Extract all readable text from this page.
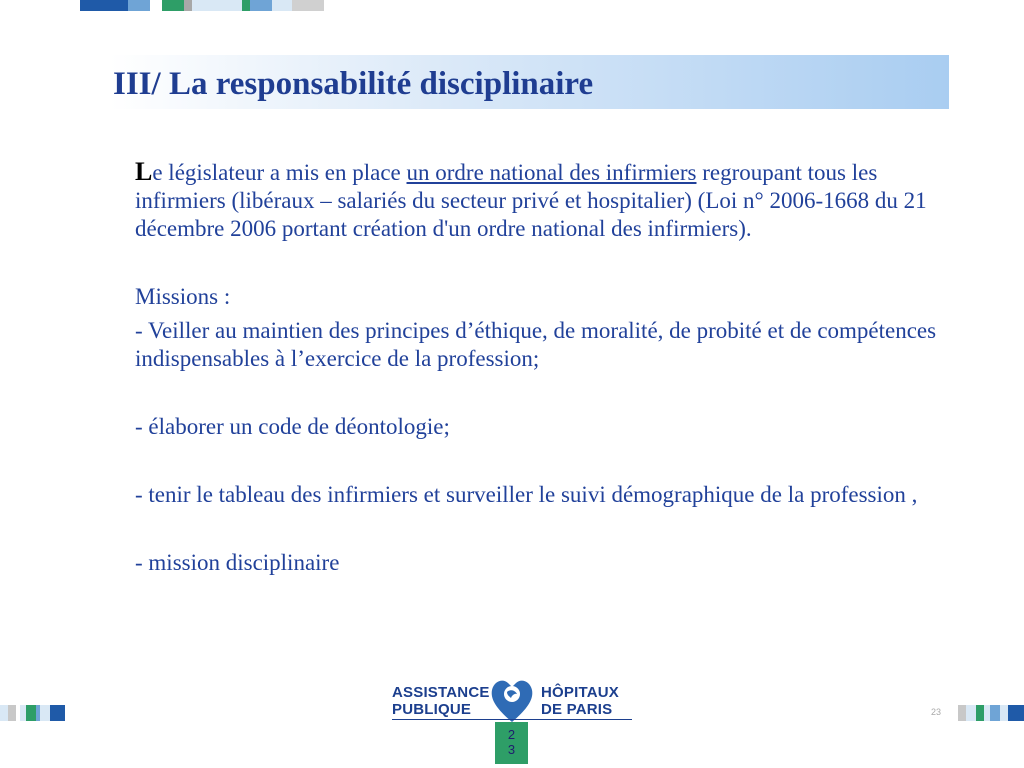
III/ La responsabilité disciplinaire

Le législateur a mis en place un ordre national des infirmiers regroupant tous les infirmiers (libéraux – salariés du secteur privé et hospitalier) (Loi n° 2006-1668 du 21 décembre 2006 portant création d'un ordre national des infirmiers).

Missions :

- Veiller au maintien des principes d’éthique, de moralité, de probité et de compétences indispensables à l’exercice de la profession;

- élaborer un code de déontologie;

- tenir le tableau des infirmiers et surveiller le suivi démographique de la profession ,

- mission disciplinaire

ASSISTANCE
PUBLIQUE
HÔPITAUX
DE PARIS	23
2
3
